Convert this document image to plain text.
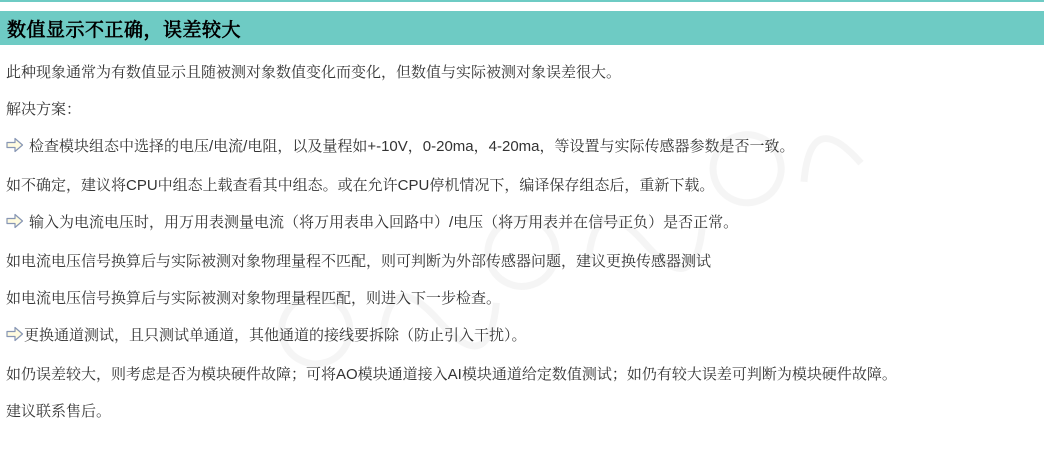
数值显示不正确，误差较大

此种现象通常为有数值显示且随被测对象数值变化而变化，但数值与实际被测对象误差很大。

解决方案：

检查模块组态中选择的电压/电流/电阻，以及量程如+-10V，0-20ma，4-20ma，等设置与实际传感器参数是否一致。

如不确定，建议将CPU中组态上载查看其中组态。或在允许CPU停机情况下，编译保存组态后，重新下载。

输入为电流电压时，用万用表测量电流（将万用表串入回路中）/电压（将万用表并在信号正负）是否正常。

如电流电压信号换算后与实际被测对象物理量程不匹配，则可判断为外部传感器问题，建议更换传感器测试

如电流电压信号换算后与实际被测对象物理量程匹配，则进入下一步检查。

更换通道测试，且只测试单通道，其他通道的接线要拆除（防止引入干扰）。

如仍误差较大，则考虑是否为模块硬件故障；可将AO模块通道接入AI模块通道给定数值测试；如仍有较大误差可判断为模块硬件故障。

建议联系售后。
